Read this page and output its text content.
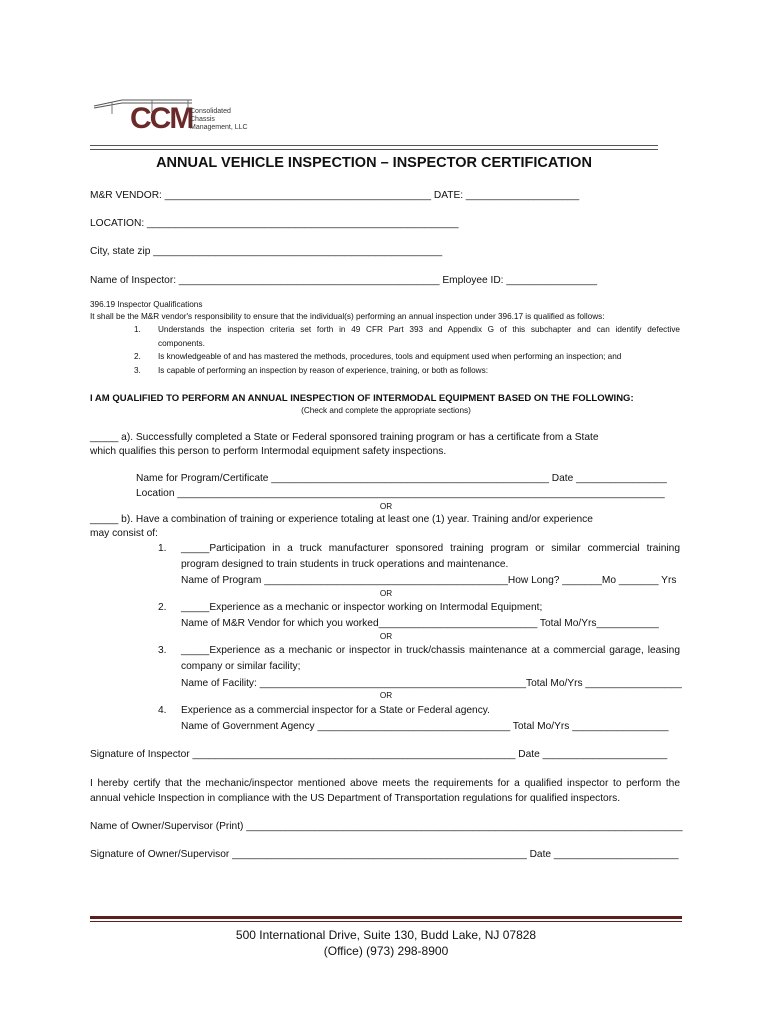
CCM
Consolidated
Chassis
Management, LLC
ANNUAL VEHICLE INSPECTION – INSPECTOR CERTIFICATION
M&R VENDOR: _______________________________________________ DATE: ____________________
LOCATION: _______________________________________________________
City, state zip ___________________________________________________
Name of Inspector: ______________________________________________ Employee ID: ________________
396.19 Inspector Qualifications
It shall be the M&R vendor's responsibility to ensure that the individual(s) performing an annual inspection under 396.17 is qualified as follows:
1. Understands the inspection criteria set forth in 49 CFR Part 393 and Appendix G of this subchapter and can identify defective
components.
2. Is knowledgeable of and has mastered the methods, procedures, tools and equipment used when performing an inspection; and
3. Is capable of performing an inspection by reason of experience, training, or both as follows:
I AM QUALIFIED TO PERFORM AN ANNUAL INESPECTION OF INTERMODAL EQUIPMENT BASED ON THE FOLLOWING:
(Check and complete the appropriate sections)
_____ a). Successfully completed a State or Federal sponsored training program or has a certificate from a State
which qualifies this person to perform Intermodal equipment safety inspections.
Name for Program/Certificate _________________________________________________ Date ________________
Location ______________________________________________________________________________________
OR
_____ b). Have a combination of training or experience totaling at least one (1) year. Training and/or experience
may consist of:
1. _____Participation in a truck manufacturer sponsored training program or similar commercial training
program designed to train students in truck operations and maintenance.
Name of Program ___________________________________________How Long? _______Mo _______ Yrs
OR
2. _____Experience as a mechanic or inspector working on Intermodal Equipment;
Name of M&R Vendor for which you worked____________________________ Total Mo/Yrs___________
OR
3. _____Experience as a mechanic or inspector in truck/chassis maintenance at a commercial garage, leasing
company or similar facility;
Name of Facility: _______________________________________________Total Mo/Yrs _________________
OR
4. Experience as a commercial inspector for a State or Federal agency.
Name of Government Agency __________________________________ Total Mo/Yrs _________________
Signature of Inspector _________________________________________________________ Date ______________________
I hereby certify that the mechanic/inspector mentioned above meets the requirements for a qualified inspector to perform the
annual vehicle Inspection in compliance with the US Department of Transportation regulations for qualified inspectors.
Name of Owner/Supervisor (Print) _____________________________________________________________________________
Signature of Owner/Supervisor ____________________________________________________ Date ______________________
500 International Drive, Suite 130, Budd Lake, NJ 07828
(Office) (973) 298-8900
